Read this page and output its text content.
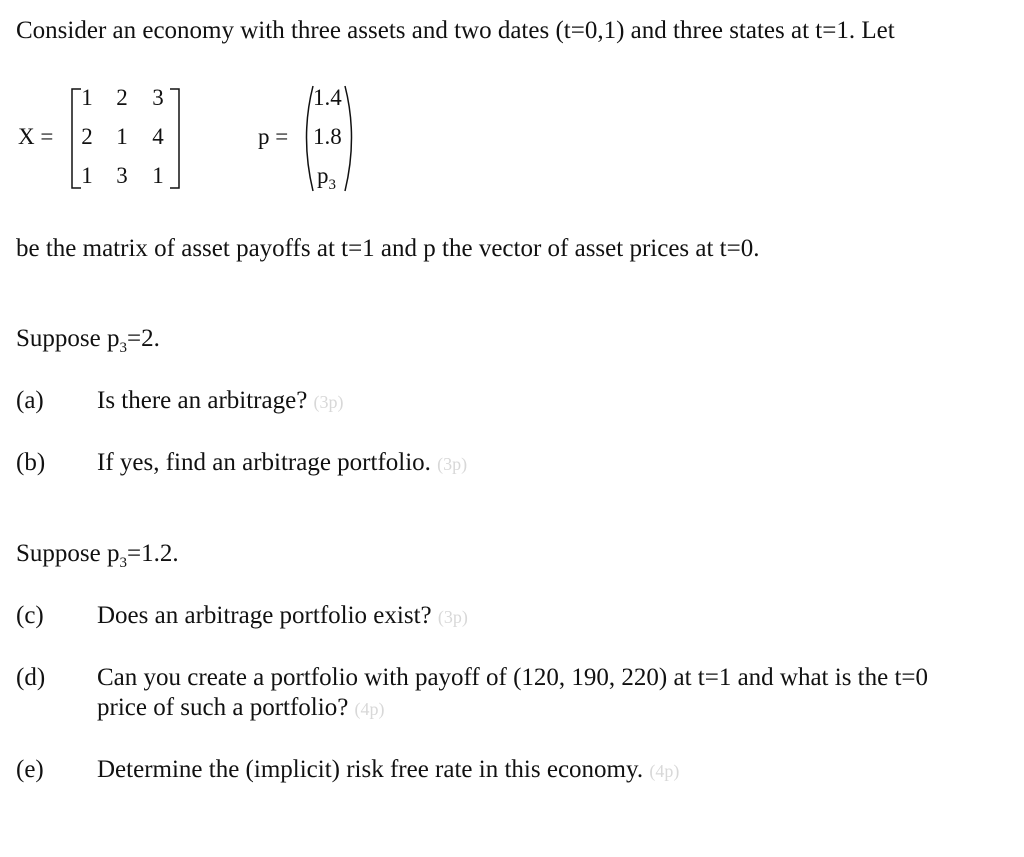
Consider an economy with three assets and two dates (t=0,1) and three states at t=1. Let
X =
1 2 3
2 1 4
1 3 1
p =
1.4
1.8
$p_3$
be the matrix of asset payoffs at t=1 and p the vector of asset prices at t=0.
Suppose $p_3=2$.
(a) Is there an arbitrage? (3p)
(b) If yes, find an arbitrage portfolio. (3p)
Suppose $p_3=1.2$.
(c) Does an arbitrage portfolio exist? (3p)
(d) Can you create a portfolio with payoff of (120, 190, 220) at t=1 and what is the t=0
price of such a portfolio? (4p)
(e) Determine the (implicit) risk free rate in this economy. (4p)
